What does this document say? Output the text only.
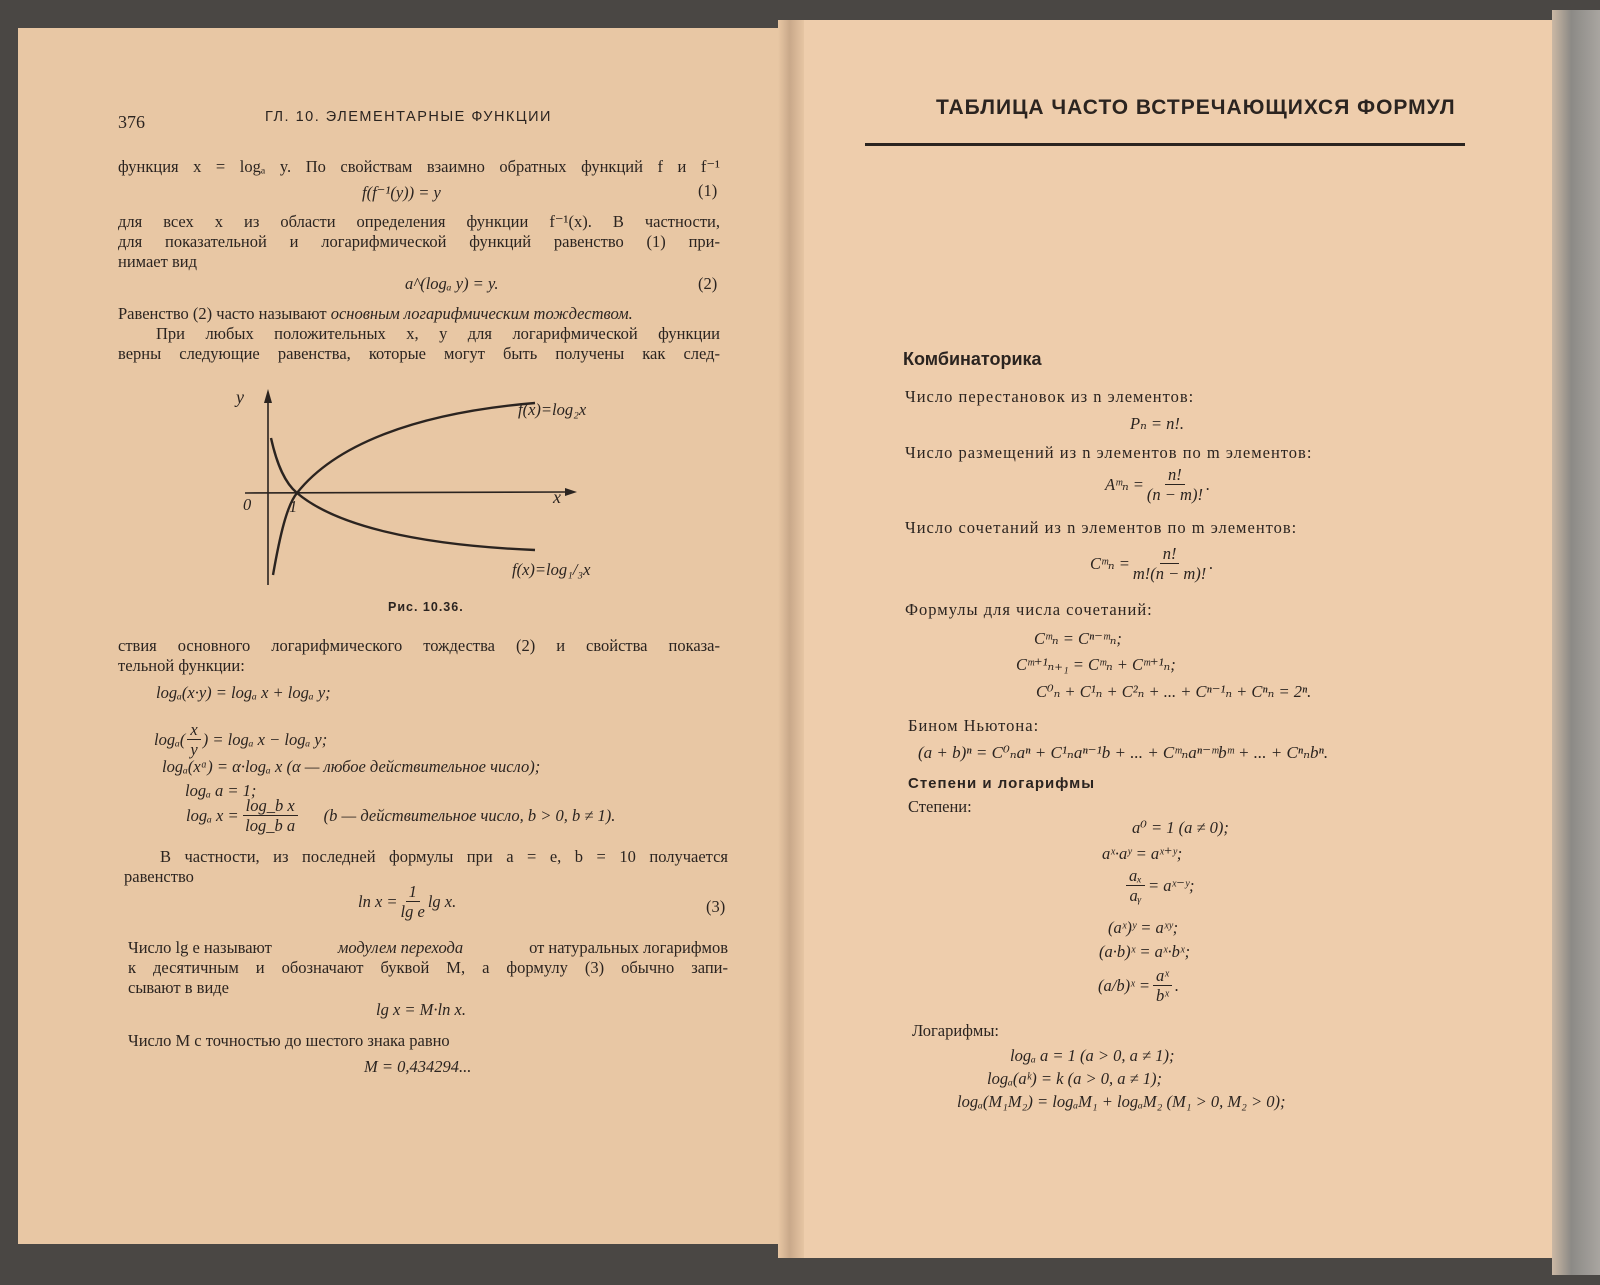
376	ГЛ. 10. ЭЛЕМЕНТАРНЫЕ ФУНКЦИИ
функция x = logₐ y. По свойствам взаимно обратных функций f и f⁻¹
f(f⁻¹(y)) = y	(1)
для всех x из области определения функции f⁻¹(x). В частности,
для показательной и логарифмической функций равенство (1) при-
нимает вид
a^(logₐ y) = y.	(2)
Равенство (2) часто называют основным логарифмическим тождеством.
При любых положительных x, y для логарифмической функции
верны следующие равенства, которые могут быть получены как след-
y
x
0 1
f(x)=log₂x
f(x)=log₁/₃x
Рис. 10.36.
ствия основного логарифмического тождества (2) и свойства показа-
тельной функции:
logₐ(x·y) = logₐ x + logₐ y;
$\log_a( \frac{x}{y}$ ) = logₐ x − logₐ y;
logₐ(xᵅ) = α·logₐ x (α — любое действительное число);
logₐ a = 1;
logₐ $x = \frac{\text{log\_b x}}{\text{log\_b a}} (b$ — действительное число, b > 0, b ≠ 1).
В частности, из последней формулы при a = e, b = 10 получается
равенство
$\ln x = \frac{1}{\text{lg e}}$ lg x.	(3)
Число lg e называют	модулем перехода	от натуральных логарифмов
к десятичным и обозначают буквой M, а формулу (3) обычно запи-
сывают в виде
lg x = M·ln x.
Число M с точностью до шестого знака равно
M = 0,434294...
ТАБЛИЦА ЧАСТО ВСТРЕЧАЮЩИХСЯ ФОРМУЛ
Комбинаторика
Число перестановок из n элементов:
Pₙ = n!.
Число размещений из n элементов по m элементов:
Aᵐₙ = $\frac{n!}{(n - m)!}$ .
Число сочетаний из n элементов по m элементов:
Cᵐₙ = $\frac{n!}{m!(n - m)!}$ .
Формулы для числа сочетаний:
Cᵐₙ = Cⁿ⁻ᵐₙ;
Cᵐ⁺¹ₙ₊₁ = Cᵐₙ + Cᵐ⁺¹ₙ;
C⁰ₙ + C¹ₙ + C²ₙ + ... + Cⁿ⁻¹ₙ + Cⁿₙ = 2ⁿ.
Бином Ньютона:
(a + b)ⁿ = C⁰ₙaⁿ + C¹ₙaⁿ⁻¹b + ... + Cᵐₙaⁿ⁻ᵐbᵐ + ... + Cⁿₙbⁿ.
Степени и логарифмы
Степени:
a⁰ = 1 (a ≠ 0);
aˣ·aʸ = aˣ⁺ʸ;
$\frac{\text{aₓ}}{\text{aᵧ}}$ = aˣ⁻ʸ;
(aˣ)ʸ = aˣʸ;
(a·b)ˣ = aˣ·bˣ;
(a/b)ˣ = $\frac{\text{aˣ}}{\text{bˣ}}$ .
Логарифмы:
logₐ a = 1 (a > 0, a ≠ 1);
logₐ(aᵏ) = k (a > 0, a ≠ 1);
logₐ(M₁M₂) = logₐM₁ + logₐM₂ (M₁ > 0, M₂ > 0);
